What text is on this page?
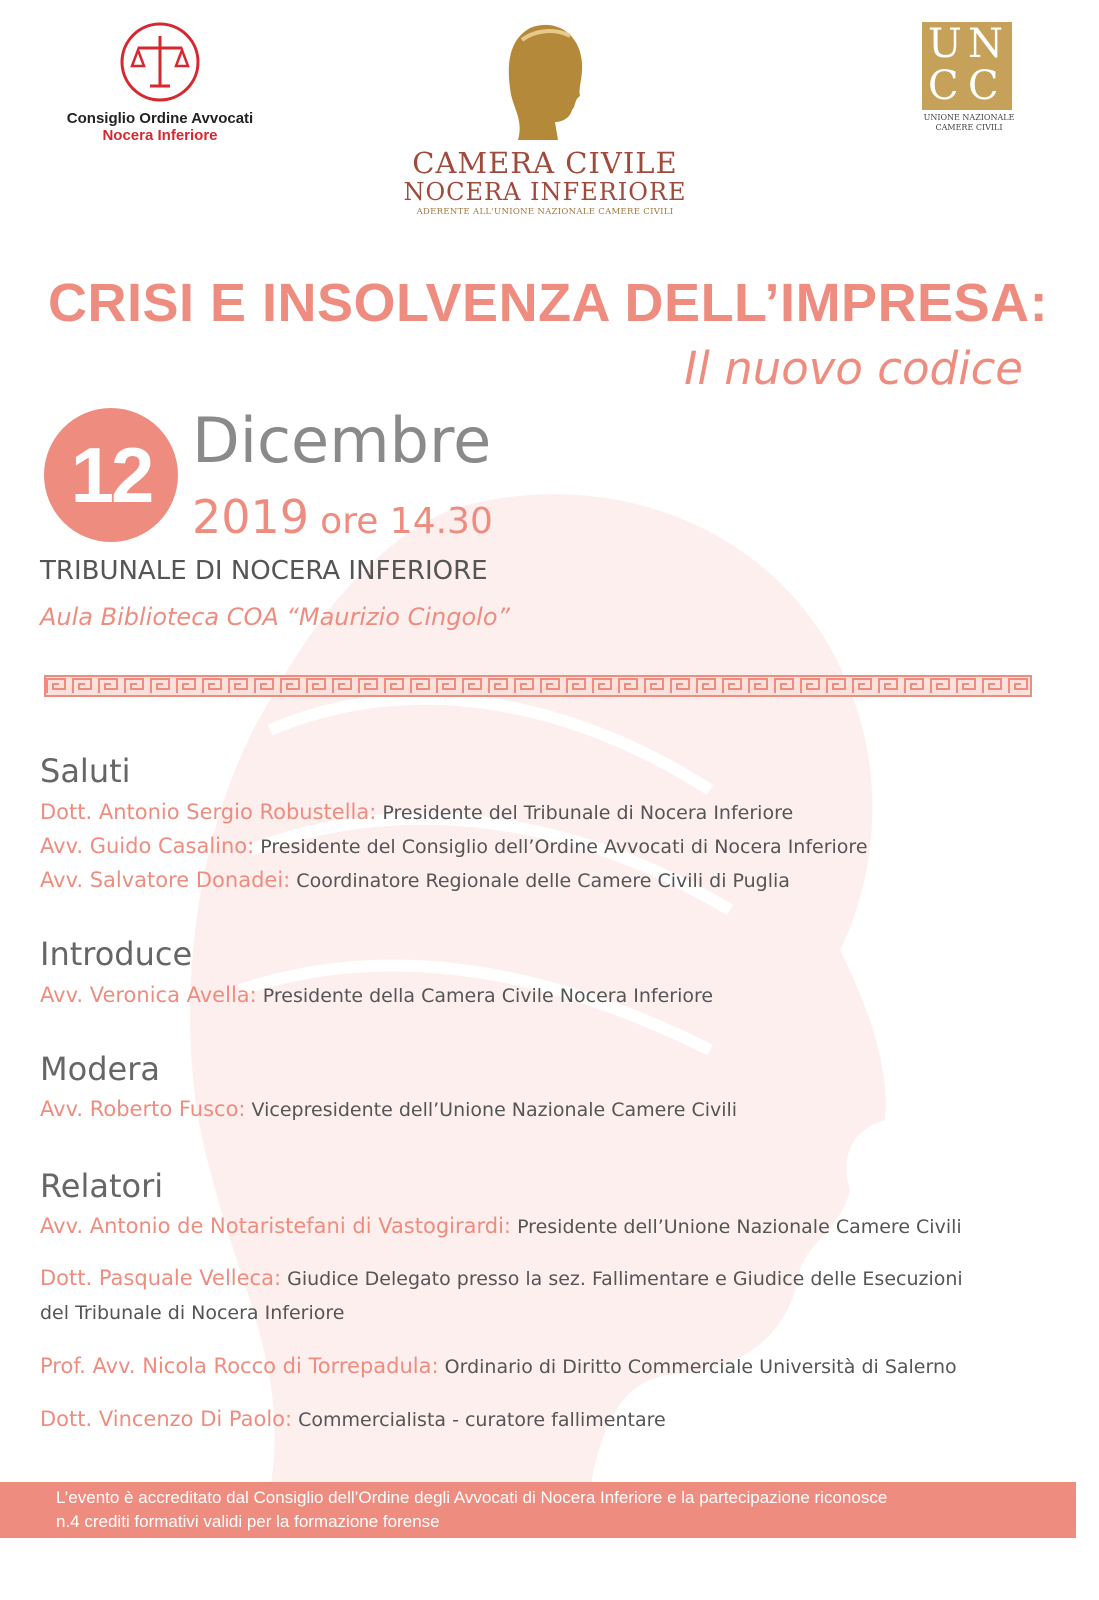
Consiglio Ordine Avvocati
Nocera Inferiore
CAMERA CIVILE
NOCERA INFERIORE
ADERENTE ALL'UNIONE NAZIONALE CAMERE CIVILI
U N
C C
UNIONE NAZIONALE
CAMERE CIVILI
CRISI E INSOLVENZA DELL’IMPRESA:
Il nuovo codice
12 Dicembre
2019 ore 14.30
TRIBUNALE DI NOCERA INFERIORE
Aula Biblioteca COA “Maurizio Cingolo”
Saluti
Dott. Antonio Sergio Robustella: Presidente del Tribunale di Nocera Inferiore
Avv. Guido Casalino: Presidente del Consiglio dell’Ordine Avvocati di Nocera Inferiore
Avv. Salvatore Donadei: Coordinatore Regionale delle Camere Civili di Puglia
Introduce
Avv. Veronica Avella: Presidente della Camera Civile Nocera Inferiore
Modera
Avv. Roberto Fusco: Vicepresidente dell’Unione Nazionale Camere Civili
Relatori
Avv. Antonio de Notaristefani di Vastogirardi: Presidente dell’Unione Nazionale Camere Civili
Dott. Pasquale Velleca: Giudice Delegato presso la sez. Fallimentare e Giudice delle Esecuzioni
del Tribunale di Nocera Inferiore
Prof. Avv. Nicola Rocco di Torrepadula: Ordinario di Diritto Commerciale Università di Salerno
Dott. Vincenzo Di Paolo: Commercialista - curatore fallimentare
L’evento è accreditato dal Consiglio dell’Ordine degli Avvocati di Nocera Inferiore e la partecipazione riconosce
n.4 crediti formativi validi per la formazione forense
